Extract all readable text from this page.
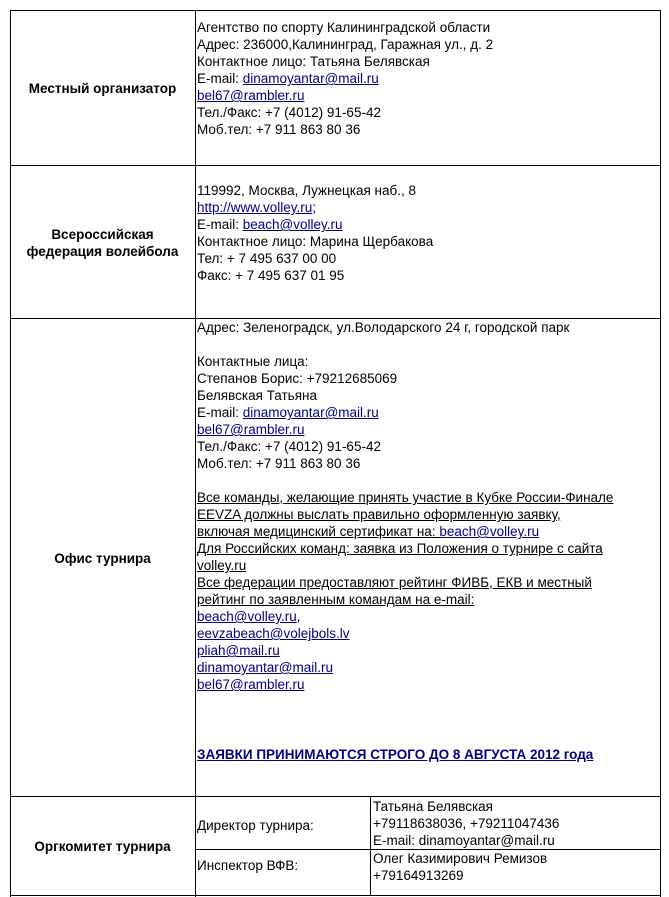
Местный организатор
Агентство по спорту Калининградской области
Адрес: 236000,Калининград, Гаражная ул., д. 2
Контактное лицо: Татьяна Белявская
E-mail: dinamoyantar@mail.ru
bel67@rambler.ru
Тел./Факс: +7 (4012) 91-65-42
Моб.тел: +7 911 863 80 36
Всероссийская
федерация волейбола
119992, Москва, Лужнецкая наб., 8
http://www.volley.ru;
E-mail: beach@volley.ru
Контактное лицо: Марина Щербакова
Тел: + 7 495 637 00 00
Факс: + 7 495 637 01 95
Офис турнира
Адрес: Зеленоградск, ул.Володарского 24 г, городской парк
Контактные лица:
Степанов Борис: +79212685069
Белявская Татьяна
E-mail: dinamoyantar@mail.ru
bel67@rambler.ru
Тел./Факс: +7 (4012) 91-65-42
Моб.тел: +7 911 863 80 36
Все команды, желающие принять участие в Кубке России-Финале
EEVZA должны выслать правильно оформленную заявку,
включая медицинский сертификат на: beach@volley.ru
Для Российских команд: заявка из Положения о турнире с сайта
volley.ru
Все федерации предоставляют рейтинг ФИВБ, ЕКВ и местный
рейтинг по заявленным командам на e-mail:
beach@volley.ru,
eevzabeach@volejbols.lv
pliah@mail.ru
dinamoyantar@mail.ru
bel67@rambler.ru
ЗАЯВКИ ПРИНИМАЮТСЯ СТРОГО ДО 8 АВГУСТА 2012 года
Оргкомитет турнира
Директор турнира:
Татьяна Белявская
+79118638036, +79211047436
E-mail: dinamoyantar@mail.ru
Инспектор ВФВ:	Олег Казимирович Ремизов
+79164913269
